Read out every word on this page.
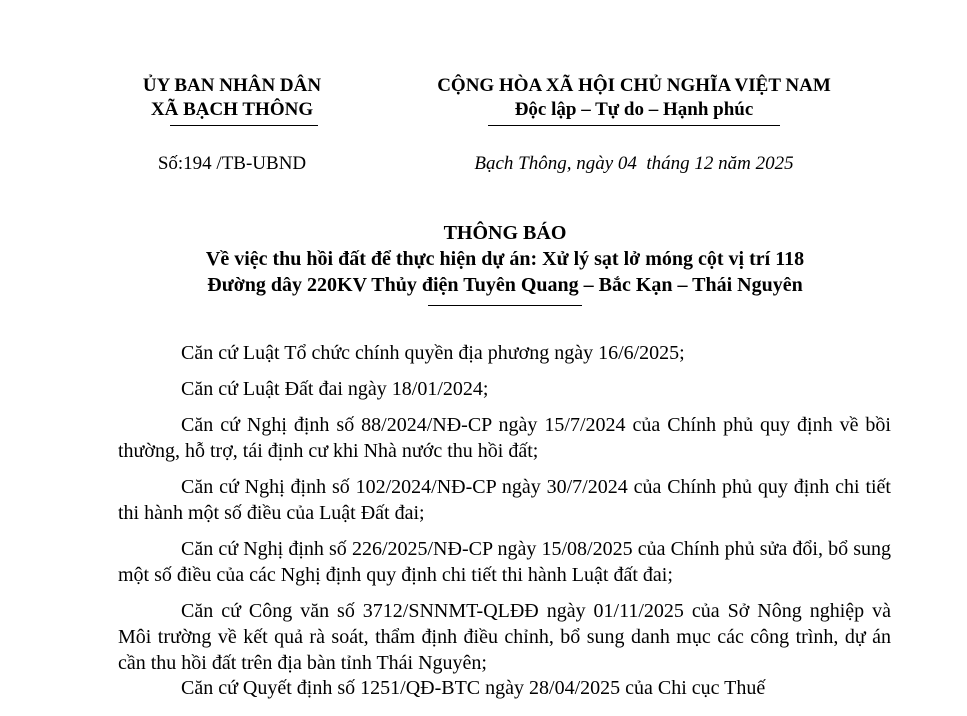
ỦY BAN NHÂN DÂN
XÃ BẠCH THÔNG
CỘNG HÒA XÃ HỘI CHỦ NGHĨA VIỆT NAM
Độc lập – Tự do – Hạnh phúc
Số:194 /TB-UBND	Bạch Thông, ngày 04  tháng 12 năm 2025
THÔNG BÁO
Về việc thu hồi đất để thực hiện dự án: Xử lý sạt lở móng cột vị trí 118
Đường dây 220KV Thủy điện Tuyên Quang – Bắc Kạn – Thái Nguyên

Căn cứ Luật Tổ chức chính quyền địa phương ngày 16/6/2025;

Căn cứ Luật Đất đai ngày 18/01/2024;

Căn cứ Nghị định số 88/2024/NĐ-CP ngày 15/7/2024 của Chính phủ quy định về bồi thường, hỗ trợ, tái định cư khi Nhà nước thu hồi đất;

Căn cứ Nghị định số 102/2024/NĐ-CP ngày 30/7/2024 của Chính phủ quy định chi tiết thi hành một số điều của Luật Đất đai;

Căn cứ Nghị định số 226/2025/NĐ-CP ngày 15/08/2025 của Chính phủ sửa đổi, bổ sung một số điều của các Nghị định quy định chi tiết thi hành Luật đất đai;

Căn cứ Công văn số 3712/SNNMT-QLĐĐ ngày 01/11/2025 của Sở Nông nghiệp và Môi trường về kết quả rà soát, thẩm định điều chỉnh, bổ sung danh mục các công trình, dự án cần thu hồi đất trên địa bàn tỉnh Thái Nguyên;

Căn cứ Quyết định số 1251/QĐ-BTC ngày 28/04/2025 của Chi cục Thuế
